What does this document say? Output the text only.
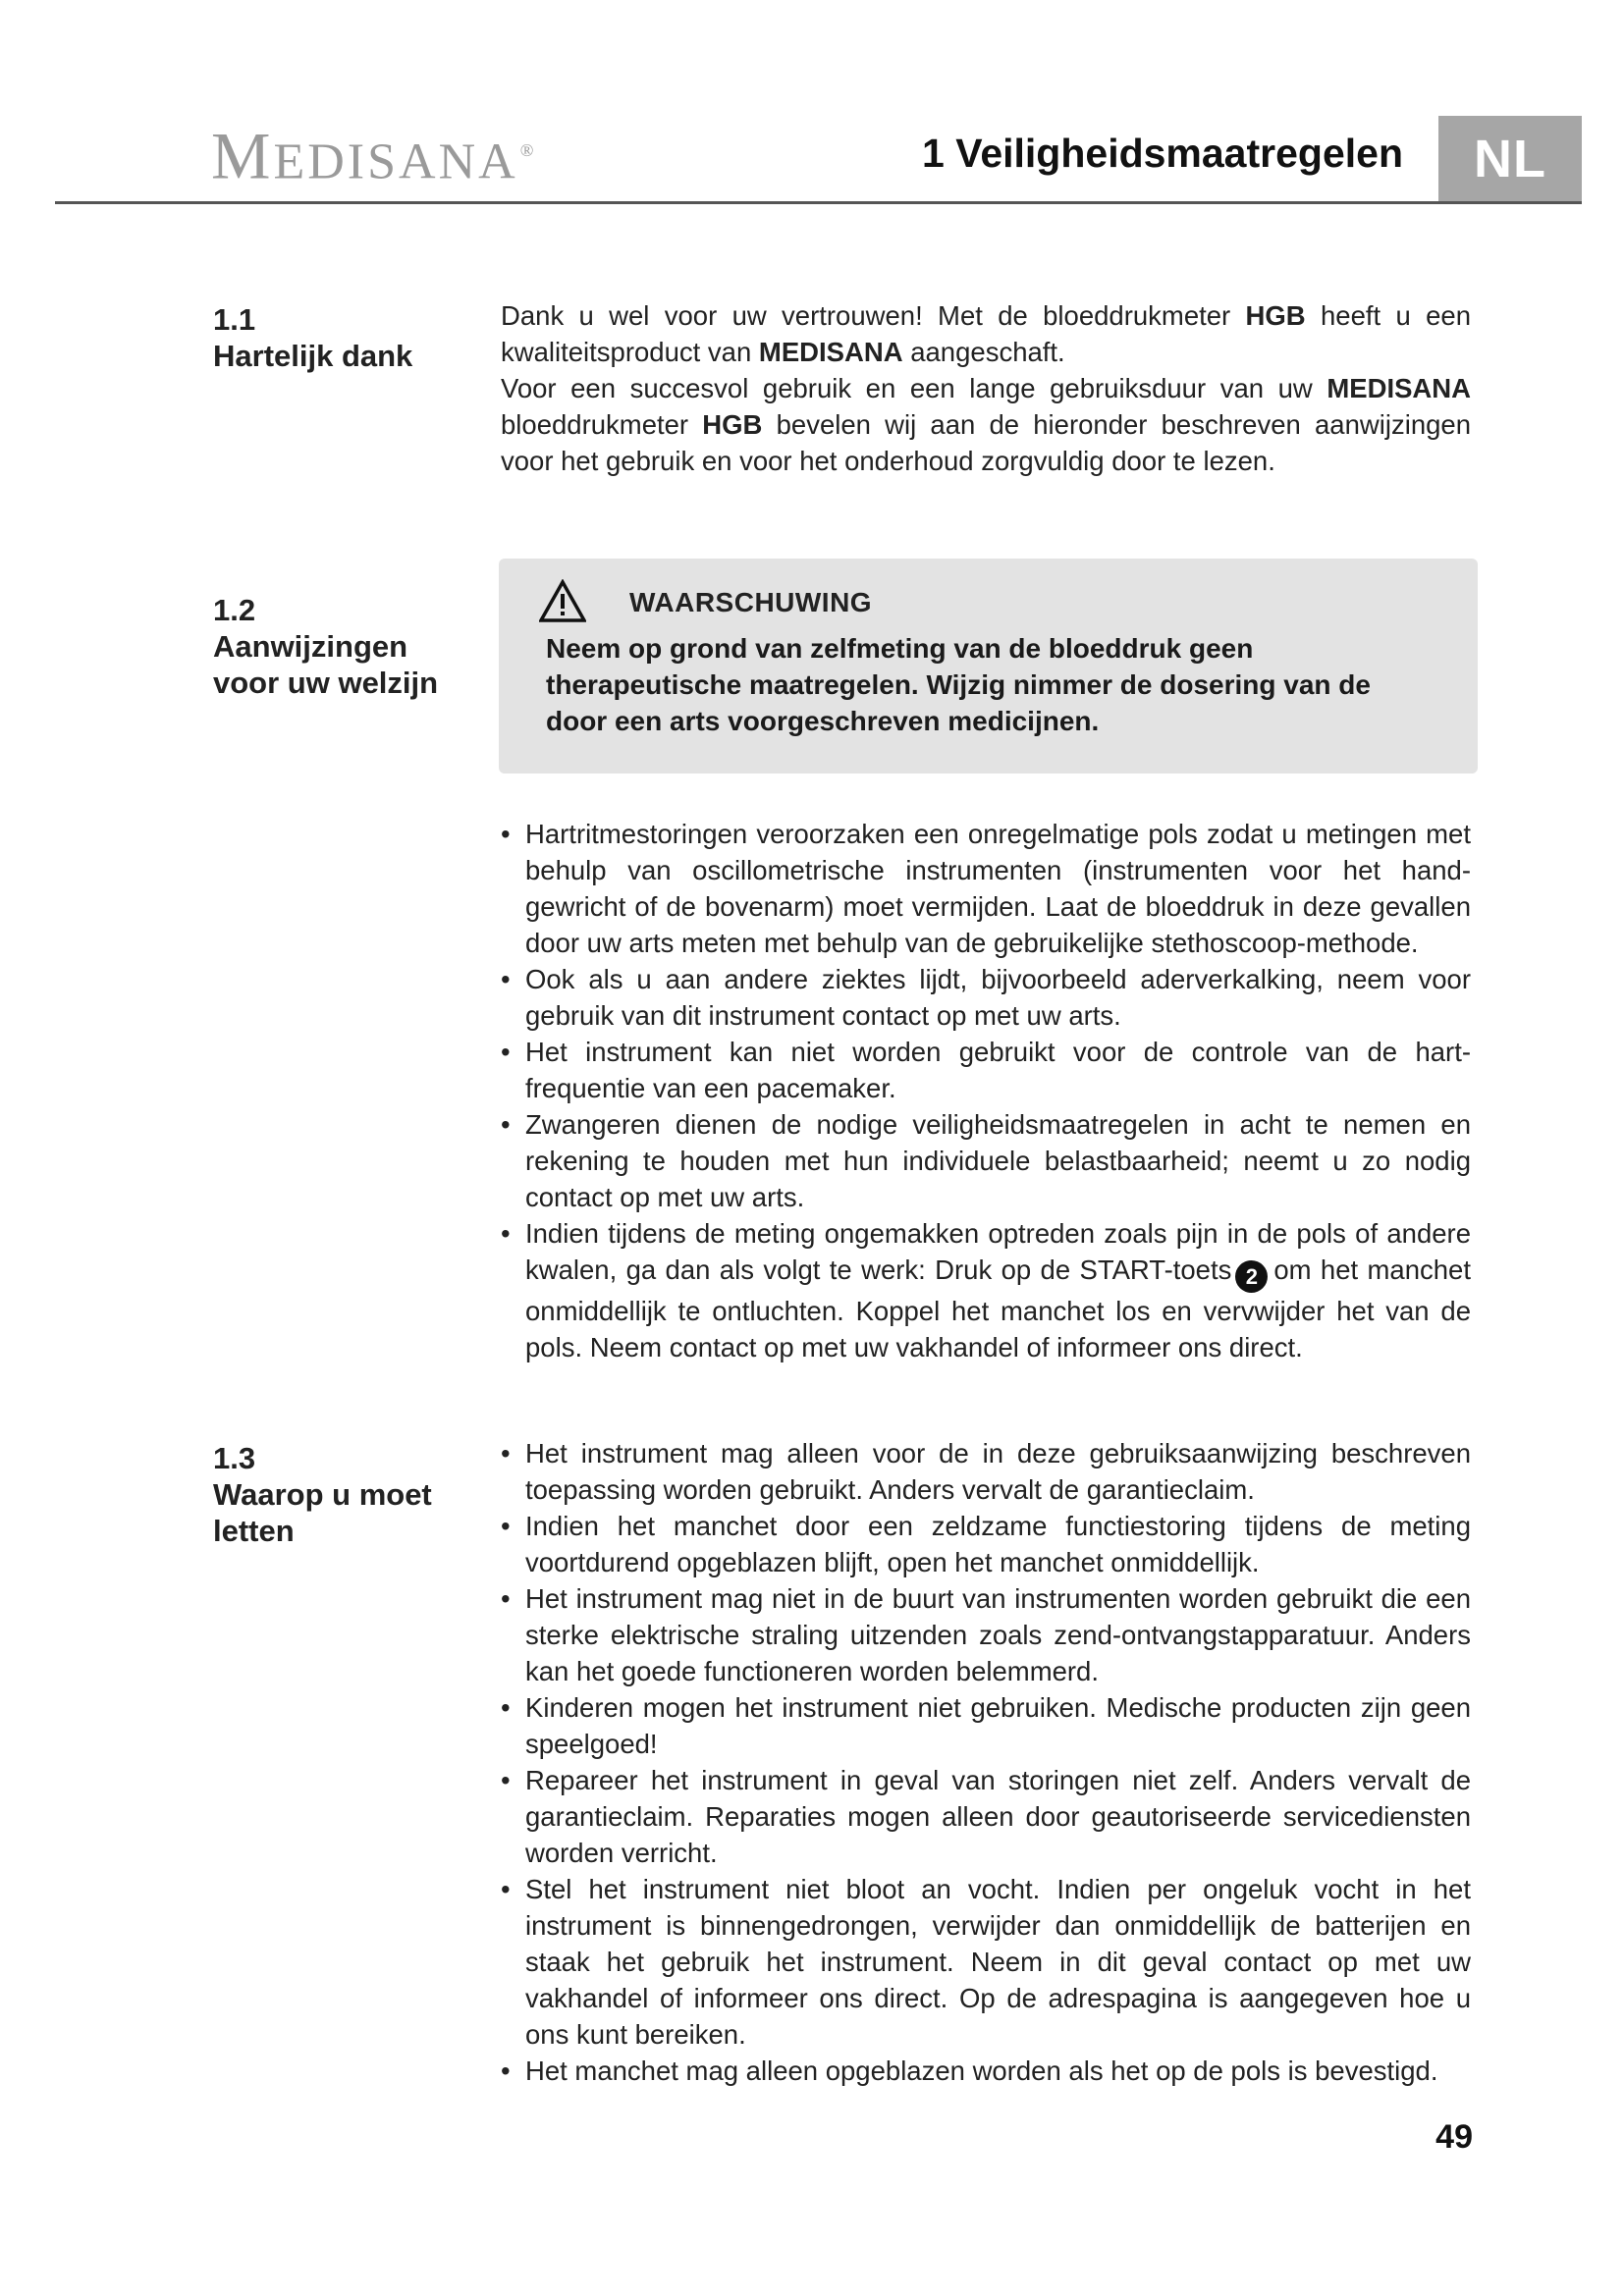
MEDISANA ®	1 Veiligheidsmaatregelen	NL
1.1
Hartelijk dank
Dank u wel voor uw vertrouwen! Met de bloeddrukmeter HGB heeft u een kwaliteitsproduct van MEDISANA aangeschaft.
Voor een succesvol gebruik en een lange gebruiksduur van uw MEDISANA bloeddrukmeter HGB bevelen wij aan de hieronder beschreven aanwijzingen voor het gebruik en voor het onderhoud zorgvuldig door te lezen.
1.2
Aanwijzingen
voor uw welzijn
WAARSCHUWING
Neem op grond van zelfmeting van de bloeddruk geen therapeutische maatregelen. Wijzig nimmer de dosering van de door een arts voorgeschreven medicijnen.
• Hartritmestoringen veroorzaken een onregelmatige pols zodat u metingen met behulp van oscillometrische instrumenten (instrumenten voor het hand-gewricht of de bovenarm) moet vermijden. Laat de bloeddruk in deze gevallen door uw arts meten met behulp van de gebruikelijke stethoscoop-methode.
• Ook als u aan andere ziektes lijdt, bijvoorbeeld aderverkalking, neem voor gebruik van dit instrument contact op met uw arts.
• Het instrument kan niet worden gebruikt voor de controle van de hart-frequentie van een pacemaker.
• Zwangeren dienen de nodige veiligheidsmaatregelen in acht te nemen en rekening te houden met hun individuele belastbaarheid; neemt u zo nodig contact op met uw arts.
• Indien tijdens de meting ongemakken optreden zoals pijn in de pols of andere kwalen, ga dan als volgt te werk: Druk op de START-toets 2 om het manchet onmiddellijk te ontluchten. Koppel het manchet los en vervwijder het van de pols. Neem contact op met uw vakhandel of informeer ons direct.
1.3
Waarop u moet
letten
• Het instrument mag alleen voor de in deze gebruiksaanwijzing beschreven toepassing worden gebruikt. Anders vervalt de garantieclaim.
• Indien het manchet door een zeldzame functiestoring tijdens de meting voortdurend opgeblazen blijft, open het manchet onmiddellijk.
• Het instrument mag niet in de buurt van instrumenten worden gebruikt die een sterke elektrische straling uitzenden zoals zend-ontvangstapparatuur. Anders kan het goede functioneren worden belemmerd.
• Kinderen mogen het instrument niet gebruiken. Medische producten zijn geen speelgoed!
• Repareer het instrument in geval van storingen niet zelf. Anders vervalt de garantieclaim. Reparaties mogen alleen door geautoriseerde servicediensten worden verricht.
• Stel het instrument niet bloot an vocht. Indien per ongeluk vocht in het instrument is binnengedrongen, verwijder dan onmiddellijk de batterijen en staak het gebruik het instrument. Neem in dit geval contact op met uw vakhandel of informeer ons direct. Op de adrespagina is aangegeven hoe u ons kunt bereiken.
• Het manchet mag alleen opgeblazen worden als het op de pols is bevestigd.
49
